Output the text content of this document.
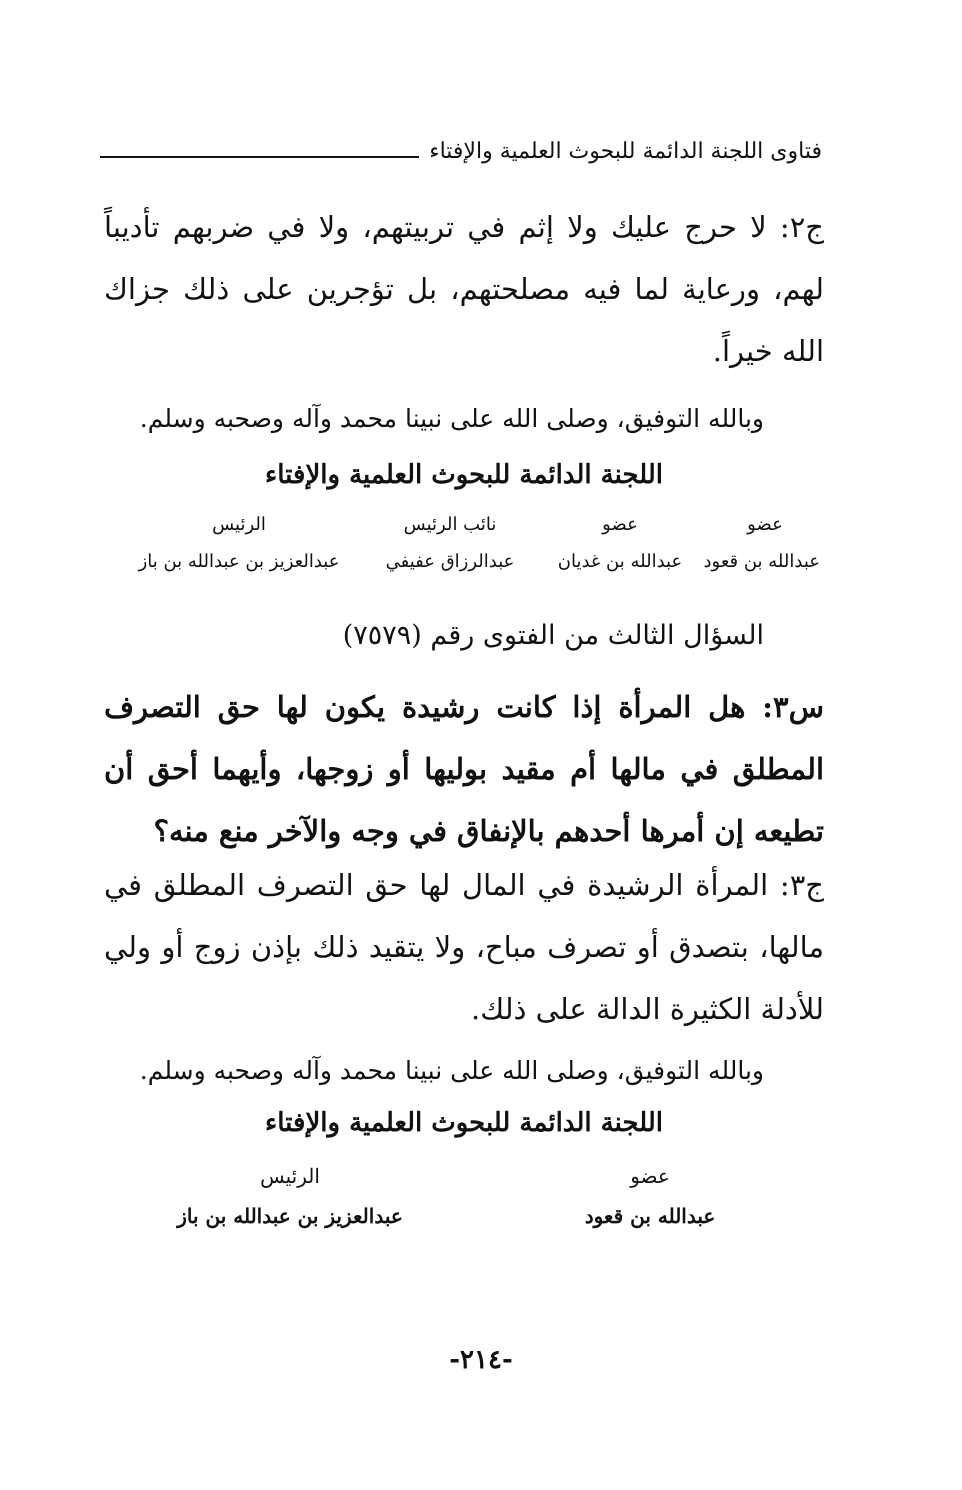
فتاوى اللجنة الدائمة للبحوث العلمية والإفتاء

ج٢: لا حرج عليك ولا إثم في تربيتهم، ولا في ضربهم تأديباً لهم، ورعاية لما فيه مصلحتهم، بل تؤجرين على ذلك جزاك الله خيراً.

وبالله التوفيق، وصلى الله على نبينا محمد وآله وصحبه وسلم.
اللجنة الدائمة للبحوث العلمية والإفتاء
عضو
عبدالله بن قعود
عضو
عبدالله بن غديان
نائب الرئيس
عبدالرزاق عفيفي
الرئيس
عبدالعزيز بن عبدالله بن باز
السؤال الثالث من الفتوى رقم (٧٥٧٩)

س٣: هل المرأة إذا كانت رشيدة يكون لها حق التصرف المطلق في مالها أم مقيد بوليها أو زوجها، وأيهما أحق أن تطيعه إن أمرها أحدهم بالإنفاق في وجه والآخر منع منه؟

ج٣: المرأة الرشيدة في المال لها حق التصرف المطلق في مالها، بتصدق أو تصرف مباح، ولا يتقيد ذلك بإذن زوج أو ولي للأدلة الكثيرة الدالة على ذلك.

وبالله التوفيق، وصلى الله على نبينا محمد وآله وصحبه وسلم.
اللجنة الدائمة للبحوث العلمية والإفتاء
عضو
عبدالله بن قعود
الرئيس
عبدالعزيز بن عبدالله بن باز
-٢١٤-
